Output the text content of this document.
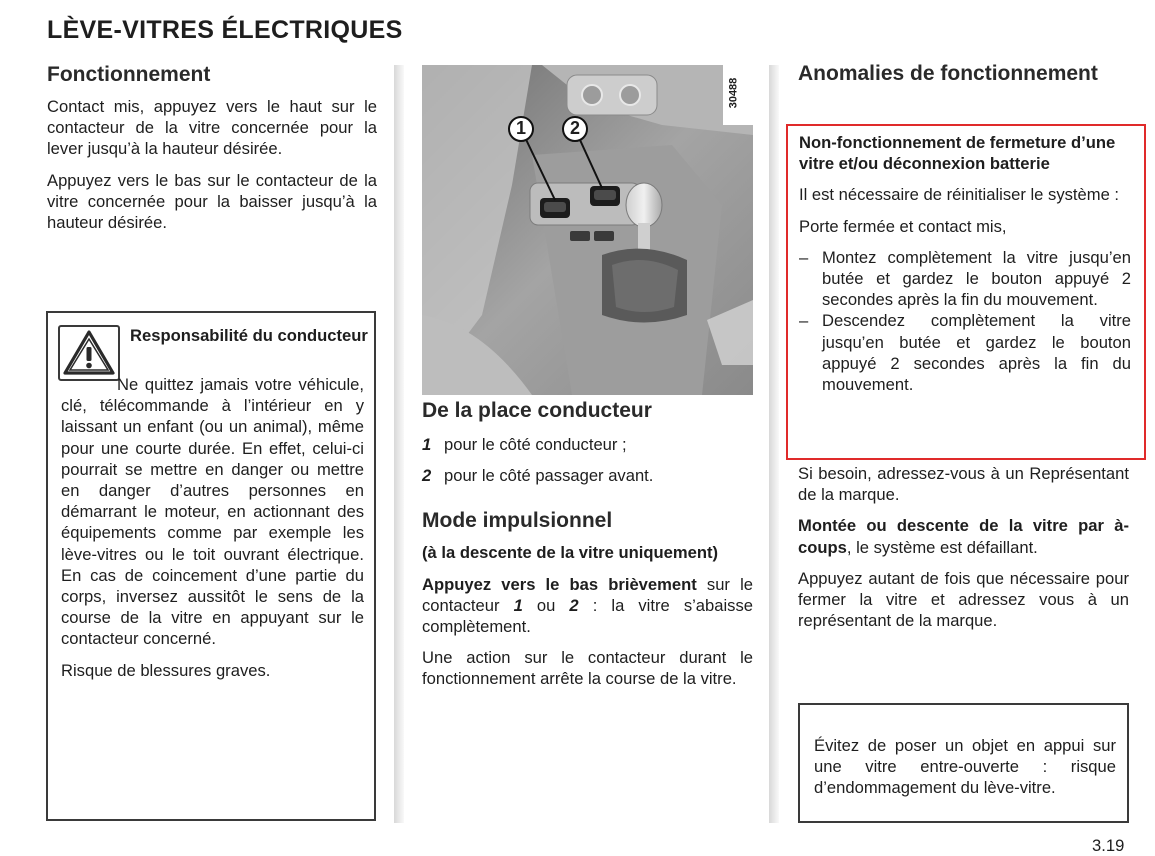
LÈVE-VITRES ÉLECTRIQUES
Fonctionnement

Contact mis, appuyez vers le haut sur le contacteur de la vitre concernée pour la lever jusqu’à la hauteur désirée.

Appuyez vers le bas sur le contacteur de la vitre concernée pour la baisser jusqu’à la hauteur désirée.

Responsabilité du conducteur

Ne quittez jamais votre véhicule, clé, télécommande à l’intérieur en y laissant un enfant (ou un animal), même pour une courte durée. En effet, celui-ci pourrait se mettre en danger ou mettre en danger d’autres personnes en démarrant le moteur, en actionnant des équipements comme par exemple les lève-vitres ou le toit ouvrant électrique. En cas de coincement d’une partie du corps, inversez aussitôt le sens de la course de la vitre en appuyant sur le contacteur concerné.

Risque de blessures graves.

1 2
30488
De la place conducteur

1 pour le côté conducteur ;

2 pour le côté passager avant.

Mode impulsionnel

(à la descente de la vitre uniquement)

Appuyez vers le bas brièvement sur le contacteur 1 ou 2 : la vitre s’abaisse complètement.

Une action sur le contacteur durant le fonctionnement arrête la course de la vitre.

Anomalies de fonctionnement

Non-fonctionnement de fermeture d’une vitre et/ou déconnexion batterie

Il est nécessaire de réinitialiser le système :

Porte fermée et contact mis,

– Montez complètement la vitre jusqu’en butée et gardez le bouton appuyé 2 secondes après la fin du mouvement.
– Descendez complètement la vitre jusqu’en butée et gardez le bouton appuyé 2 secondes après la fin du mouvement.

Si besoin, adressez-vous à un Représentant de la marque.

Montée ou descente de la vitre par à-coups, le système est défaillant.

Appuyez autant de fois que nécessaire pour fermer la vitre et adressez vous à un représentant de la marque.

Évitez de poser un objet en appui sur une vitre entre-ouverte : risque d’endommagement du lève-vitre.

3.19
